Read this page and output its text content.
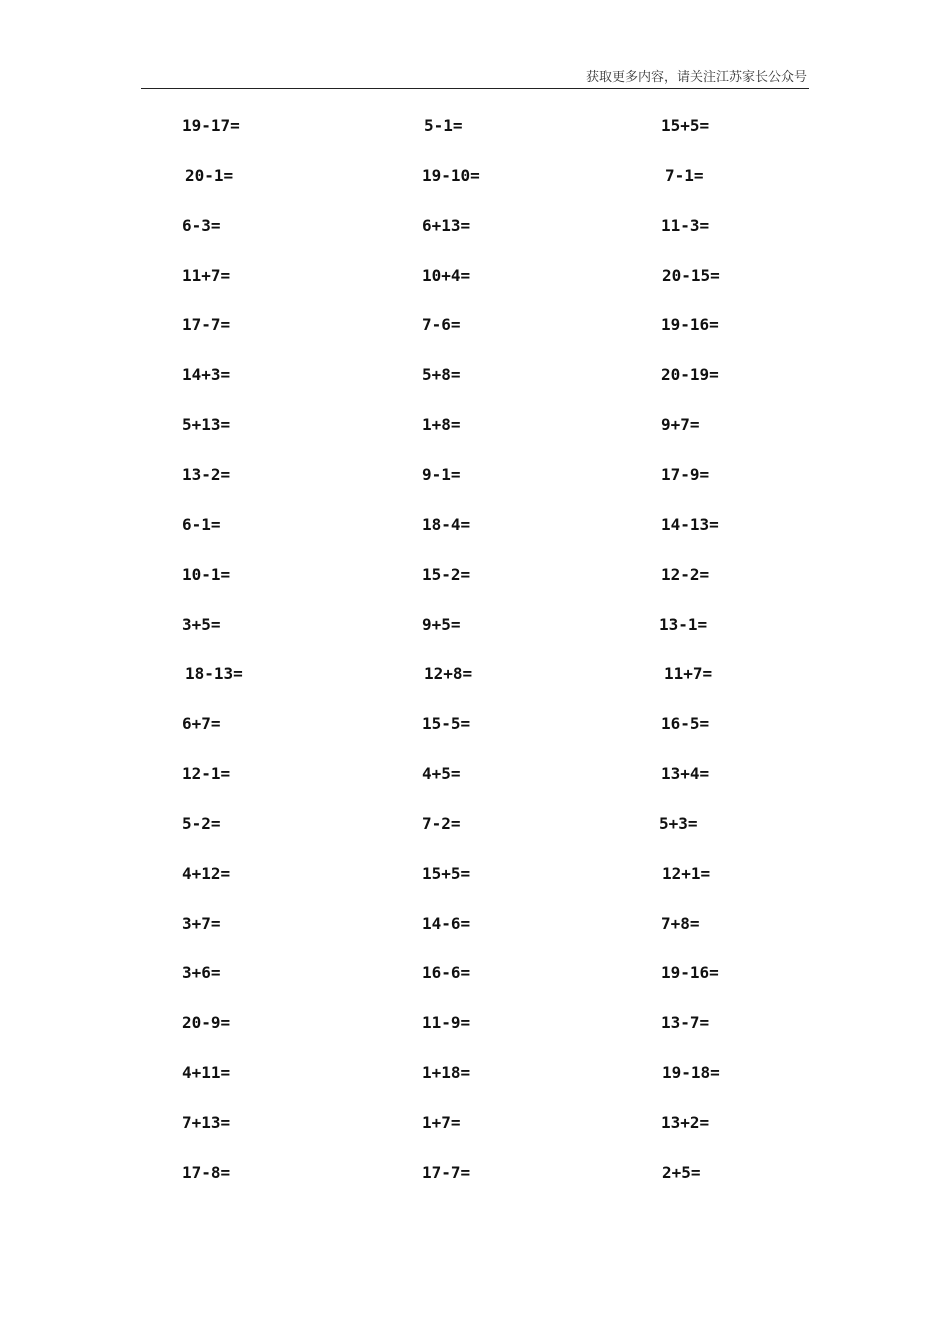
获取更多内容，请关注江苏家长公众号
19-17=
20-1=
6-3=
11+7=
17-7=
14+3=
5+13=
13-2=
6-1=
10-1=
3+5=
18-13=
6+7=
12-1=
5-2=
4+12=
3+7=
3+6=
20-9=
4+11=
7+13=
17-8=
5-1=
19-10=
6+13=
10+4=
7-6=
5+8=
1+8=
9-1=
18-4=
15-2=
9+5=
12+8=
15-5=
4+5=
7-2=
15+5=
14-6=
16-6=
11-9=
1+18=
1+7=
17-7=
15+5=
7-1=
11-3=
20-15=
19-16=
20-19=
9+7=
17-9=
14-13=
12-2=
13-1=
11+7=
16-5=
13+4=
5+3=
12+1=
7+8=
19-16=
13-7=
19-18=
13+2=
2+5=
